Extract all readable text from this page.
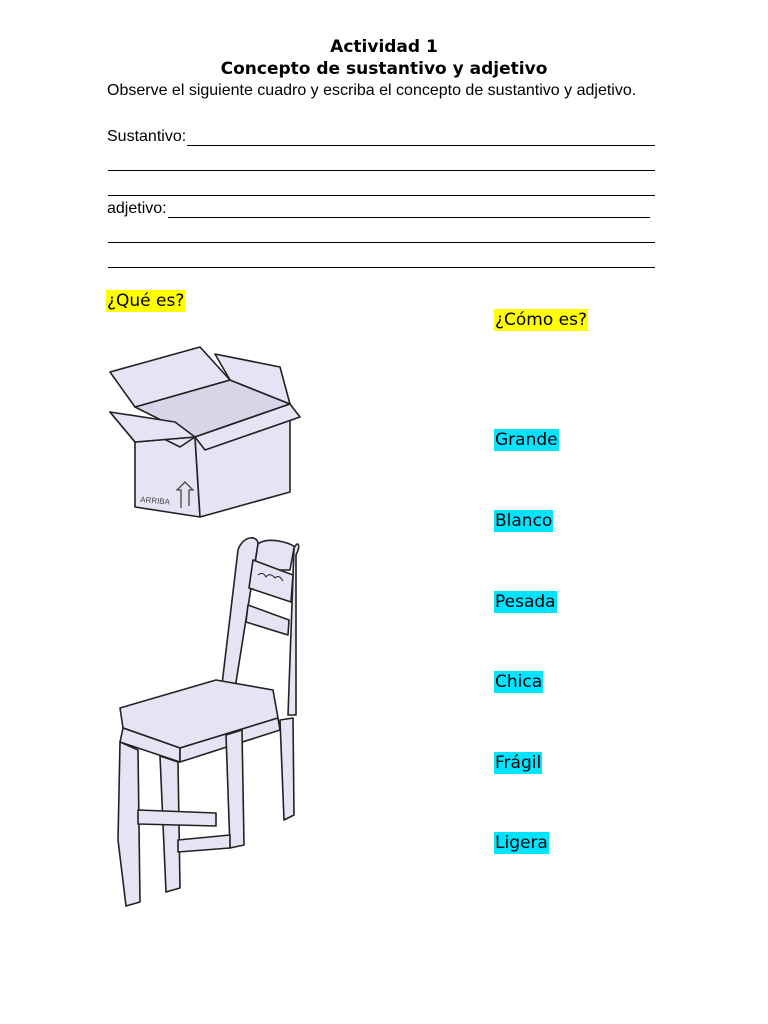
Actividad 1
Concepto de sustantivo y adjetivo
Observe el siguiente cuadro y escriba el concepto de sustantivo y adjetivo.
Sustantivo:
adjetivo:
¿Qué es?
¿Cómo es?
ARRIBA
Grande
Blanco
Pesada
Chica
Frágil
Ligera
